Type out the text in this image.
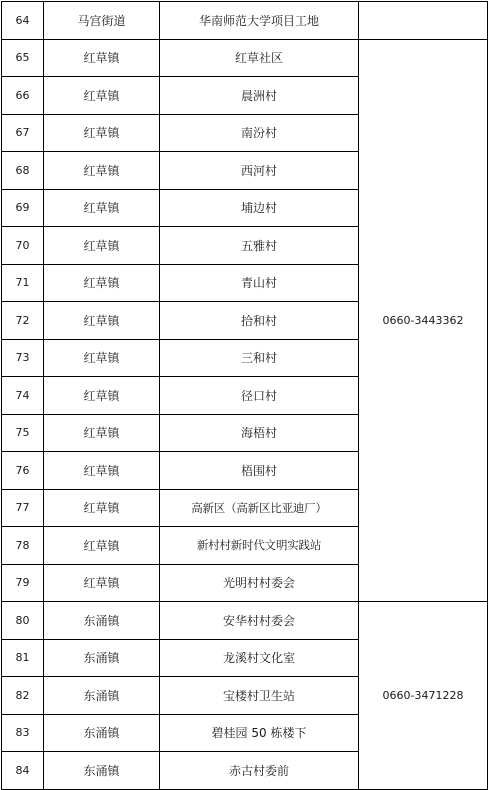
64	马宫街道	华南师范大学项目工地	
65	红草镇	红草社区	0660-3443362
66	红草镇	晨洲村	
67	红草镇	南汾村	
68	红草镇	西河村	
69	红草镇	埔边村	
70	红草镇	五雅村	
71	红草镇	青山村	
72	红草镇	拾和村	
73	红草镇	三和村	
74	红草镇	径口村	
75	红草镇	海梧村	
76	红草镇	梧围村	
77	红草镇	高新区（高新区比亚迪厂）	
78	红草镇	新村村新时代文明实践站	
79	红草镇	光明村村委会	
80	东涌镇	安华村村委会	0660-3471228
81	东涌镇	龙溪村文化室	
82	东涌镇	宝楼村卫生站	
83	东涌镇	碧桂园 50 栋楼下	
84	东涌镇	赤古村委前	
